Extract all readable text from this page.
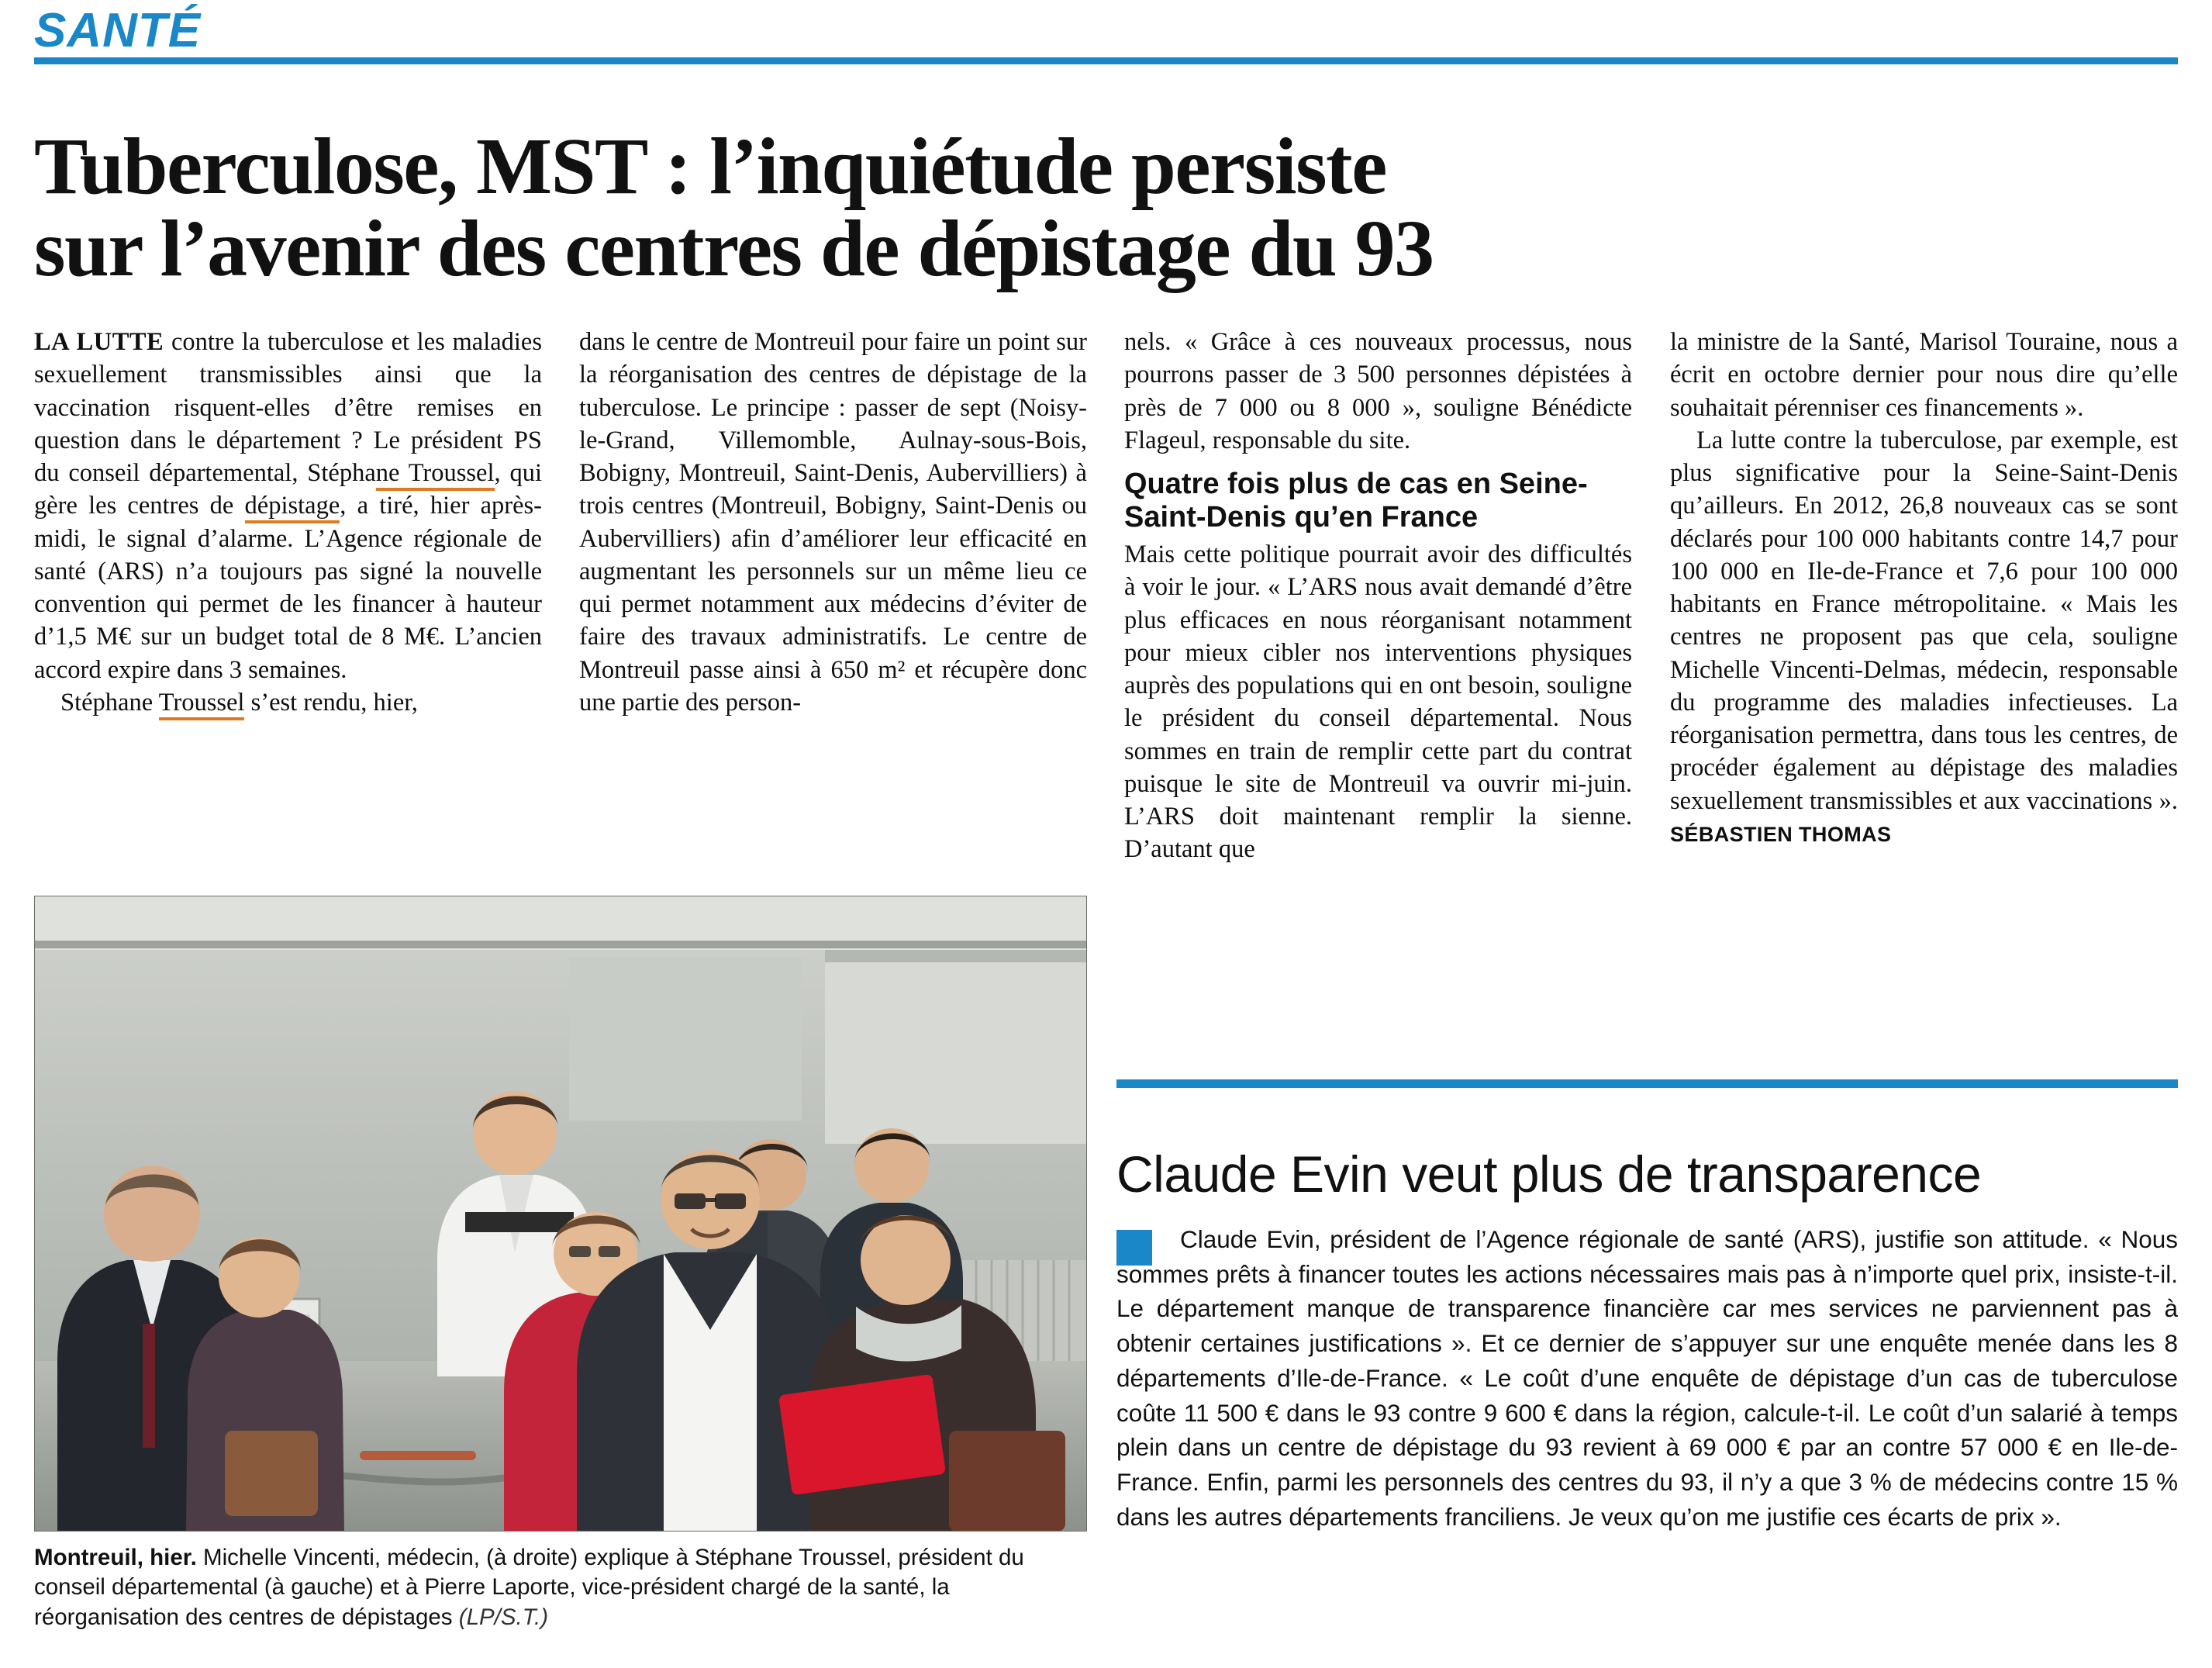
SANTÉ
Tuberculose, MST : l’inquiétude persiste
sur l’avenir des centres de dépistage du 93

LA LUTTE contre la tuberculose et les maladies sexuellement transmissibles ainsi que la vaccination risquent-elles d’être remises en question dans le département ? Le président PS du conseil départemental, Stéphane Troussel, qui gère les centres de dépistage, a tiré, hier après-midi, le signal d’alarme. L’Agence régionale de santé (ARS) n’a toujours pas signé la nouvelle convention qui permet de les financer à hauteur d’1,5 M€ sur un budget total de 8 M€. L’ancien accord expire dans 3 semaines.

Stéphane Troussel s’est rendu, hier,

dans le centre de Montreuil pour faire un point sur la réorganisation des centres de dépistage de la tuberculose. Le principe : passer de sept (Noisy-le-Grand, Villemomble, Aulnay-sous-Bois, Bobigny, Montreuil, Saint-Denis, Aubervilliers) à trois centres (Montreuil, Bobigny, Saint-Denis ou Aubervilliers) afin d’améliorer leur efficacité en augmentant les personnels sur un même lieu ce qui permet notamment aux médecins d’éviter de faire des travaux administratifs. Le centre de Montreuil passe ainsi à 650 m² et récupère donc une partie des person-

nels. « Grâce à ces nouveaux processus, nous pourrons passer de 3 500 personnes dépistées à près de 7 000 ou 8 000 », souligne Bénédicte Flageul, responsable du site.

Quatre fois plus de cas en Seine-Saint-Denis qu’en France

Mais cette politique pourrait avoir des difficultés à voir le jour. « L’ARS nous avait demandé d’être plus efficaces en nous réorganisant notamment pour mieux cibler nos interventions physiques auprès des populations qui en ont besoin, souligne le président du conseil départemental. Nous sommes en train de remplir cette part du contrat puisque le site de Montreuil va ouvrir mi-juin. L’ARS doit maintenant remplir la sienne. D’autant que

la ministre de la Santé, Marisol Touraine, nous a écrit en octobre dernier pour nous dire qu’elle souhaitait pérenniser ces financements ».

La lutte contre la tuberculose, par exemple, est plus significative pour la Seine-Saint-Denis qu’ailleurs. En 2012, 26,8 nouveaux cas se sont déclarés pour 100 000 habitants contre 14,7 pour 100 000 en Ile-de-France et 7,6 pour 100 000 habitants en France métropolitaine. « Mais les centres ne proposent pas que cela, souligne Michelle Vincenti-Delmas, médecin, responsable du programme des maladies infectieuses. La réorganisation permettra, dans tous les centres, de procéder également au dépistage des maladies sexuellement transmissibles et aux vaccinations ». SÉBASTIEN THOMAS

Montreuil, hier. Michelle Vincenti, médecin, (à droite) explique à Stéphane Troussel, président du conseil départemental (à gauche) et à Pierre Laporte, vice-président chargé de la santé, la réorganisation des centres de dépistages (LP/S.T.)
Claude Evin veut plus de transparence

Claude Evin, président de l’Agence régionale de santé (ARS), justifie son attitude. « Nous sommes prêts à financer toutes les actions nécessaires mais pas à n’importe quel prix, insiste-t-il. Le département manque de transparence financière car mes services ne parviennent pas à obtenir certaines justifications ». Et ce dernier de s’appuyer sur une enquête menée dans les 8 départements d’Ile-de-France. « Le coût d’une enquête de dépistage d’un cas de tuberculose coûte 11 500 € dans le 93 contre 9 600 € dans la région, calcule-t-il. Le coût d’un salarié à temps plein dans un centre de dépistage du 93 revient à 69 000 € par an contre 57 000 € en Ile-de-France. Enfin, parmi les personnels des centres du 93, il n’y a que 3 % de médecins contre 15 % dans les autres départements franciliens. Je veux qu’on me justifie ces écarts de prix ».
